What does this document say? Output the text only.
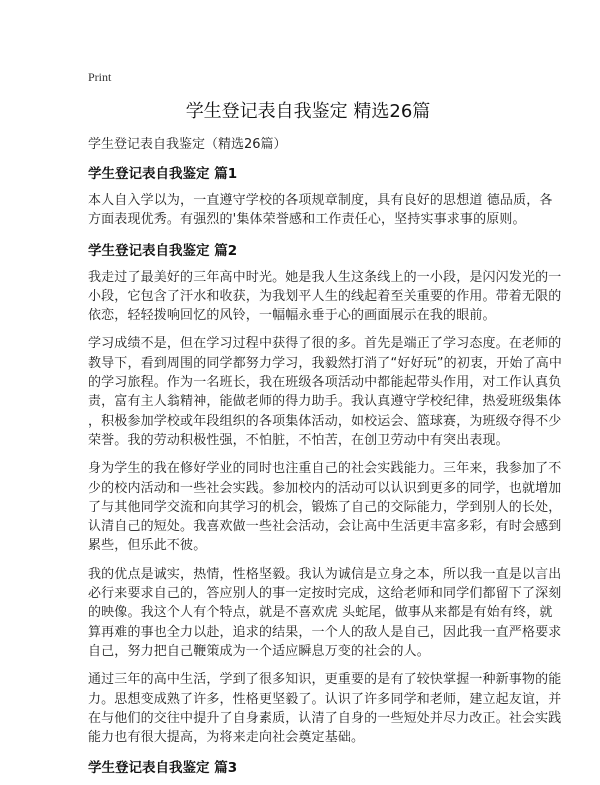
Print
学生登记表自我鉴定 精选26篇
学生登记表自我鉴定（精选26篇）
学生登记表自我鉴定 篇1
本人自入学以为，一直遵守学校的各项规章制度，具有良好的思想道 德品质，各
方面表现优秀。有强烈的'集体荣誉感和工作责任心，坚持实事求事的原则。
学生登记表自我鉴定 篇2
我走过了最美好的三年高中时光。她是我人生这条线上的一小段，是闪闪发光的一
小段，它包含了汗水和收获，为我划平人生的线起着至关重要的作用。带着无限的
依恋，轻轻拨响回忆的风铃，一幅幅永垂于心的画面展示在我的眼前。
学习成绩不是，但在学习过程中获得了很的多。首先是端正了学习态度。在老师的
教导下，看到周围的同学都努力学习，我毅然打消了“好好玩”的初衷，开始了高中
的学习旅程。作为一名班长，我在班级各项活动中都能起带头作用，对工作认真负
责，富有主人翁精神，能做老师的得力助手。我认真遵守学校纪律，热爱班级集体
，积极参加学校或年段组织的各项集体活动，如校运会、篮球赛，为班级夺得不少
荣誉。我的劳动积极性强，不怕脏，不怕苦，在创卫劳动中有突出表现。
身为学生的我在修好学业的同时也注重自己的社会实践能力。三年来，我参加了不
少的校内活动和一些社会实践。参加校内的活动可以认识到更多的同学，也就增加
了与其他同学交流和向其学习的机会，锻炼了自己的交际能力，学到别人的长处，
认清自己的短处。我喜欢做一些社会活动，会让高中生活更丰富多彩，有时会感到
累些，但乐此不彼。
我的优点是诚实，热情，性格坚毅。我认为诚信是立身之本，所以我一直是以言出
必行来要求自己的，答应别人的事一定按时完成，这给老师和同学们都留下了深刻
的映像。我这个人有个特点，就是不喜欢虎 头蛇尾，做事从来都是有始有终，就
算再难的事也全力以赴，追求的结果，一个人的敌人是自己，因此我一直严格要求
自己，努力把自己鞭策成为一个适应瞬息万变的社会的人。
通过三年的高中生活，学到了很多知识，更重要的是有了较快掌握一种新事物的能
力。思想变成熟了许多，性格更坚毅了。认识了许多同学和老师，建立起友谊，并
在与他们的交往中提升了自身素质，认清了自身的一些短处并尽力改正。社会实践
能力也有很大提高，为将来走向社会奠定基础。
学生登记表自我鉴定 篇3
